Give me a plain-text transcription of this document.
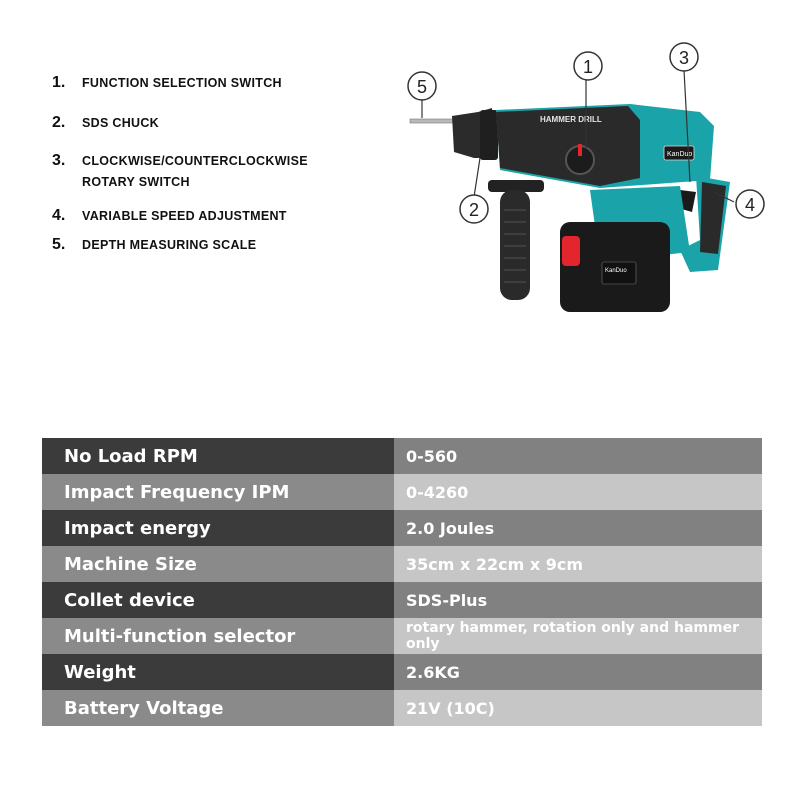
1.	FUNCTION SELECTION SWITCH
2.	SDS CHUCK
3.	CLOCKWISE/COUNTERCLOCKWISE ROTARY SWITCH
4.	VARIABLE SPEED ADJUSTMENT
5.	DEPTH MEASURING SCALE
HAMMER DRILL
KanDuo
KanDuo
1
2
3
4
5
No Load RPM	0-560
Impact Frequency IPM	0-4260
Impact energy	2.0 Joules
Machine Size	35cm x 22cm x 9cm
Collet device	SDS-Plus
Multi-function selector	rotary hammer, rotation only and hammer only
Weight	2.6KG
Battery Voltage	21V (10C)
